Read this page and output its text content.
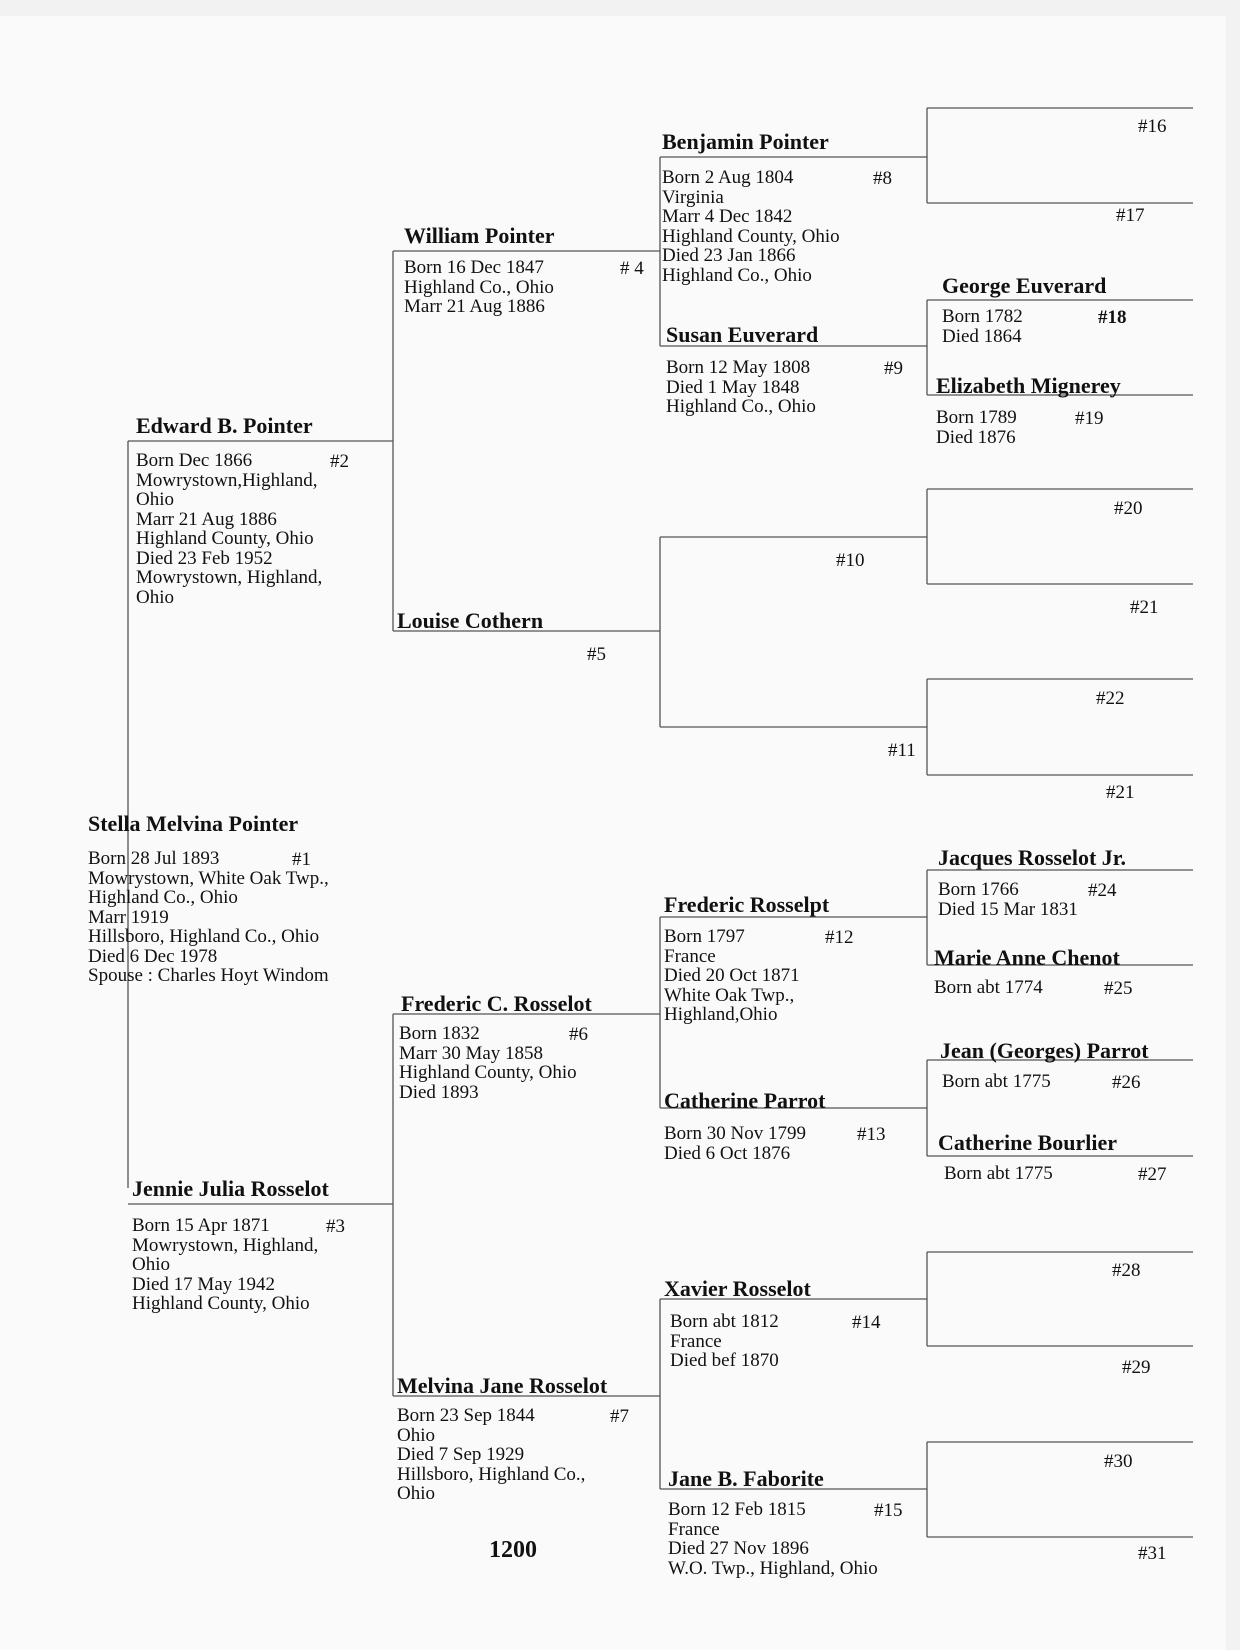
Stella Melvina Pointer
Born 28 Jul 1893
Mowrystown, White Oak Twp.,
Highland Co., Ohio
Marr 1919
Hillsboro, Highland Co., Ohio
Died 6 Dec 1978
Spouse : Charles Hoyt Windom
#1
Edward B. Pointer
Born Dec 1866
Mowrystown,Highland,
Ohio
Marr 21 Aug 1886
Highland County, Ohio
Died 23 Feb 1952
Mowrystown, Highland,
Ohio
#2
Jennie Julia Rosselot
Born 15 Apr 1871
Mowrystown, Highland,
Ohio
Died 17 May 1942
Highland County, Ohio
#3
William Pointer
Born 16 Dec 1847
Highland Co., Ohio
Marr 21 Aug 1886
# 4
Louise Cothern
#5
Frederic C. Rosselot
Born 1832
Marr 30 May 1858
Highland County, Ohio
Died 1893
#6
Melvina Jane Rosselot
Born 23 Sep 1844
Ohio
Died 7 Sep 1929
Hillsboro, Highland Co.,
Ohio
#7
Benjamin Pointer
Born 2 Aug 1804
Virginia
Marr 4 Dec 1842
Highland County, Ohio
Died 23 Jan 1866
Highland Co., Ohio
#8
Susan Euverard
Born 12 May 1808
Died 1 May 1848
Highland Co., Ohio
#9
#10
#11
Frederic Rosselpt
Born 1797
France
Died 20 Oct 1871
White Oak Twp.,
Highland,Ohio
#12
Catherine Parrot
Born 30 Nov 1799
Died 6 Oct 1876
#13
Xavier Rosselot
Born abt 1812
France
Died bef 1870
#14
Jane B. Faborite
Born 12 Feb 1815
France
Died 27 Nov 1896
W.O. Twp., Highland, Ohio
#15
George Euverard
Born 1782
Died 1864
#18
Elizabeth Mignerey
Born 1789
Died 1876
#19
Jacques Rosselot Jr.
Born 1766
Died 15 Mar 1831
#24
Marie Anne Chenot
Born abt 1774	#25
Jean (Georges) Parrot
Born abt 1775	#26
Catherine Bourlier
Born abt 1775	#27
#16
#17
#20
#21
#22
#21
#28
#29
#30
#31
1200
